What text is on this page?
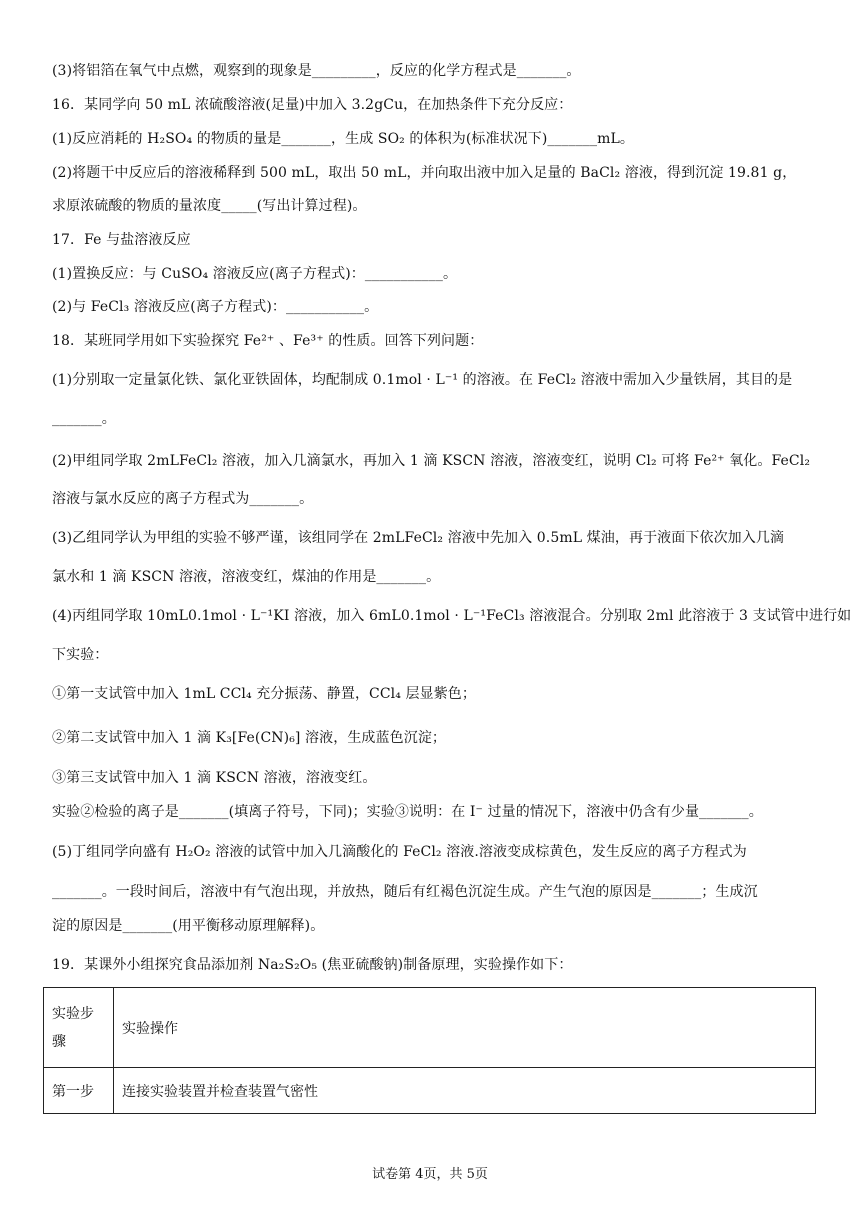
(3)将铝箔在氧气中点燃，观察到的现象是_________，反应的化学方程式是_______。
16．某同学向 50 mL 浓硫酸溶液(足量)中加入 3.2gCu，在加热条件下充分反应：
(1)反应消耗的 H₂SO₄ 的物质的量是_______，生成 SO₂ 的体积为(标准状况下)_______mL。
(2)将题干中反应后的溶液稀释到 500 mL，取出 50 mL，并向取出液中加入足量的 BaCl₂ 溶液，得到沉淀 19.81 g，
求原浓硫酸的物质的量浓度_____(写出计算过程)。
17．Fe 与盐溶液反应
(1)置换反应：与 CuSO₄ 溶液反应(离子方程式)：___________。
(2)与 FeCl₃ 溶液反应(离子方程式)：___________。
18．某班同学用如下实验探究 Fe²⁺ 、Fe³⁺ 的性质。回答下列问题：
(1)分别取一定量氯化铁、氯化亚铁固体，均配制成 0.1mol · L⁻¹ 的溶液。在 FeCl₂ 溶液中需加入少量铁屑，其目的是
_______。
(2)甲组同学取 2mLFeCl₂ 溶液，加入几滴氯水，再加入 1 滴 KSCN 溶液，溶液变红，说明 Cl₂ 可将 Fe²⁺ 氧化。FeCl₂
溶液与氯水反应的离子方程式为_______。
(3)乙组同学认为甲组的实验不够严谨，该组同学在 2mLFeCl₂ 溶液中先加入 0.5mL 煤油，再于液面下依次加入几滴
氯水和 1 滴 KSCN 溶液，溶液变红，煤油的作用是_______。
(4)丙组同学取 10mL0.1mol · L⁻¹KI 溶液，加入 6mL0.1mol · L⁻¹FeCl₃ 溶液混合。分别取 2ml 此溶液于 3 支试管中进行如
下实验：
①第一支试管中加入 1mL CCl₄ 充分振荡、静置，CCl₄ 层显紫色；
②第二支试管中加入 1 滴 K₃[Fe(CN)₆] 溶液，生成蓝色沉淀；
③第三支试管中加入 1 滴 KSCN 溶液，溶液变红。
实验②检验的离子是_______(填离子符号，下同)；实验③说明：在 I⁻ 过量的情况下，溶液中仍含有少量_______。
(5)丁组同学向盛有 H₂O₂ 溶液的试管中加入几滴酸化的 FeCl₂ 溶液.溶液变成棕黄色，发生反应的离子方程式为
_______。一段时间后，溶液中有气泡出现，并放热，随后有红褐色沉淀生成。产生气泡的原因是_______；生成沉
淀的原因是_______(用平衡移动原理解释)。
19．某课外小组探究食品添加剂 Na₂S₂O₅ (焦亚硫酸钠)制备原理，实验操作如下：
实验步
骤	实验操作
第一步	连接实验装置并检查装置气密性
试卷第 4页，共 5页
